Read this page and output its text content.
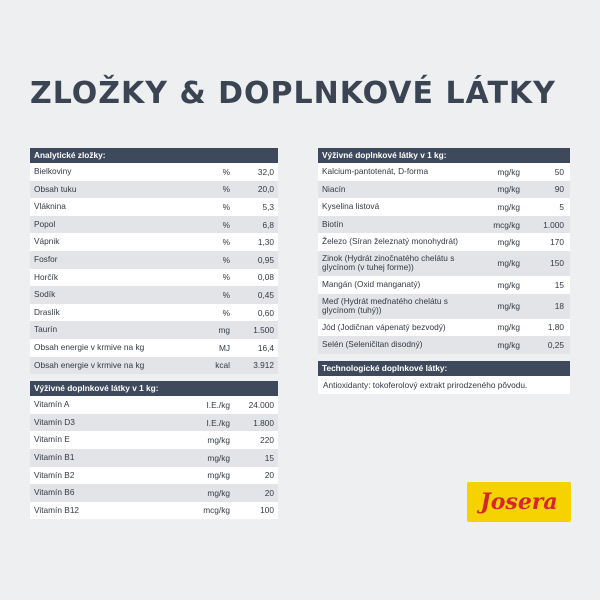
ZLOŽKY & DOPLNKOVÉ LÁTKY
Analytické zložky:
Bielkoviny	%	32,0
Obsah tuku	%	20,0
Vláknina	%	5,3
Popol	%	6,8
Vápnik	%	1,30
Fosfor	%	0,95
Horčík	%	0,08
Sodík	%	0,45
Draslík	%	0,60
Taurín	mg	1.500
Obsah energie v krmive na kg	MJ	16,4
Obsah energie v krmive na kg	kcal	3.912
Výživné doplnkové látky v 1 kg:
Vitamín A	I.E./kg	24.000
Vitamín D3	I.E./kg	1.800
Vitamín E	mg/kg	220
Vitamín B1	mg/kg	15
Vitamín B2	mg/kg	20
Vitamín B6	mg/kg	20
Vitamín B12	mcg/kg	100
Výživné doplnkové látky v 1 kg:
Kalcium-pantotenát, D-forma	mg/kg	50
Niacín	mg/kg	90
Kyselina listová	mg/kg	5
Biotín	mcg/kg	1.000
Železo (Síran železnatý monohydrát)	mg/kg	170
Zinok (Hydrát zinočnatého chelátu s glycínom (v tuhej forme))	mg/kg	150
Mangán (Oxid manganatý)	mg/kg	15
Meď (Hydrát meďnatého chelátu s glycínom (tuhý))	mg/kg	18
Jód (Jodičnan vápenatý bezvodý)	mg/kg	1,80
Selén (Seleničitan disodný)	mg/kg	0,25
Technologické doplnkové látky:
Antioxidanty: tokoferolový extrakt prirodzeného pôvodu.
Josera
